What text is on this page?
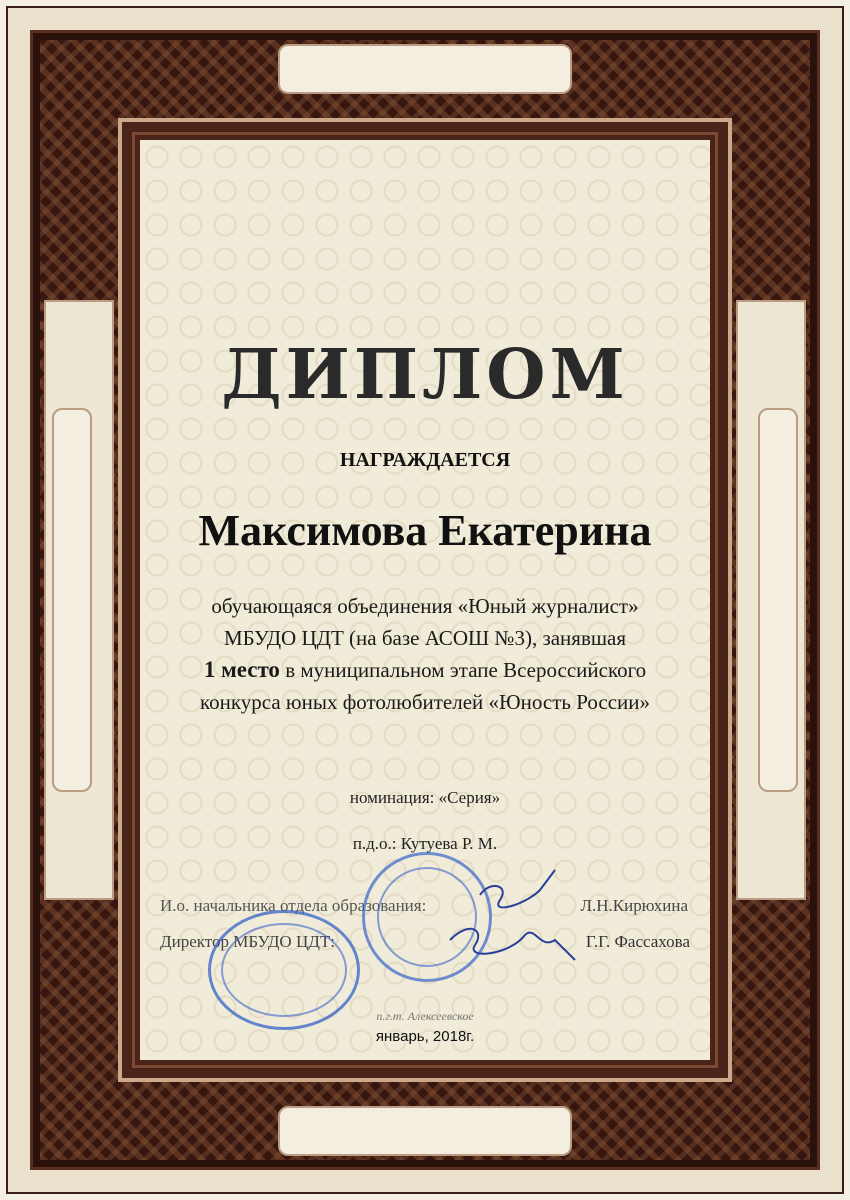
ДИПЛОМ
НАГРАЖДАЕТСЯ
Максимова Екатерина
обучающаяся объединения «Юный журналист»
МБУДО ЦДТ (на базе АСОШ №3), занявшая
1 место в муниципальном этапе Всероссийского
конкурса юных фотолюбителей «Юность России»
номинация: «Серия»
п.д.о.: Кутуева Р. М.
И.о. начальника отдела образования:	Л.Н.Кирюхина
Директор МБУДО ЦДТ:	Г.Г. Фассахова
п.г.т. Алексеевское
январь, 2018г.
